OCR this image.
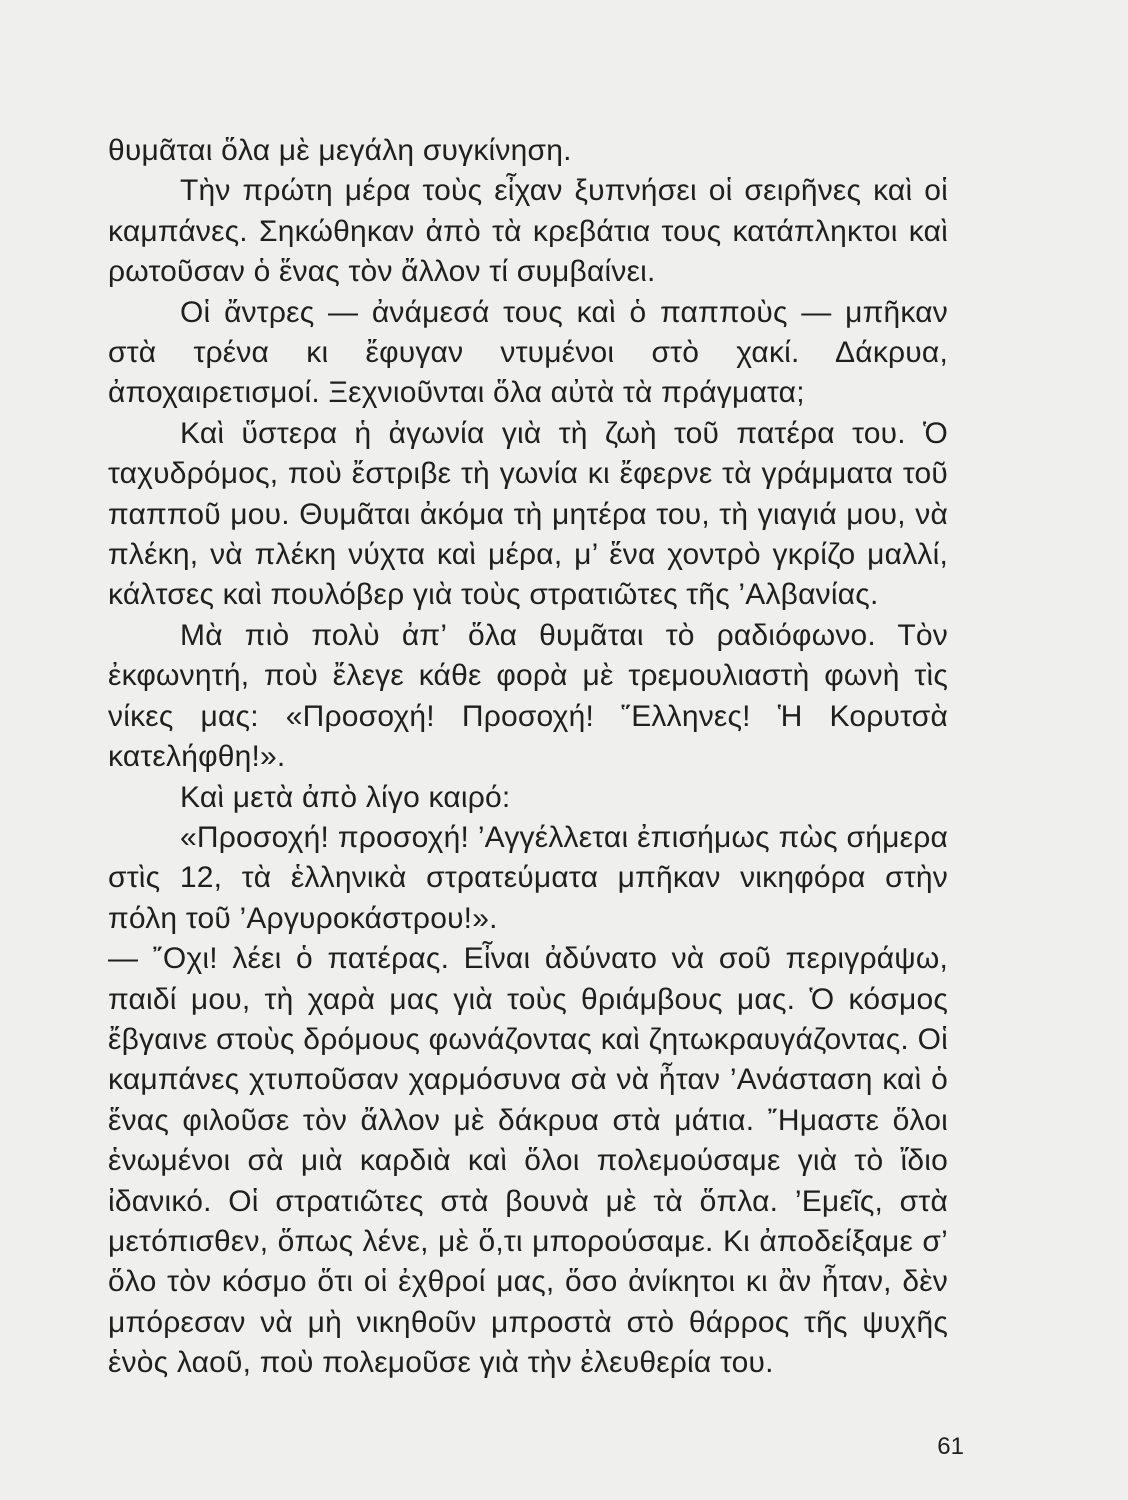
θυμᾶται ὅλα μὲ μεγάλη συγκίνηση.

Τὴν πρώτη μέρα τοὺς εἶχαν ξυπνήσει οἱ σειρῆνες καὶ οἱ καμπάνες. Σηκώθηκαν ἀπὸ τὰ κρεβάτια τους κατάπληκτοι καὶ ρωτοῦσαν ὁ ἕνας τὸν ἄλλον τί συμβαίνει.

Οἱ ἄντρες — ἀνάμεσά τους καὶ ὁ παπποὺς — μπῆκαν στὰ τρένα κι ἔφυγαν ντυμένοι στὸ χακί. Δάκρυα, ἀποχαιρετισμοί. Ξεχνιοῦνται ὅλα αὐτὰ τὰ πράγματα;

Καὶ ὕστερα ἡ ἀγωνία γιὰ τὴ ζωὴ τοῦ πατέρα του. Ὁ ταχυδρόμος, ποὺ ἔστριβε τὴ γωνία κι ἔφερνε τὰ γράμματα τοῦ παπποῦ μου. Θυμᾶται ἀκόμα τὴ μητέρα του, τὴ γιαγιά μου, νὰ πλέκη, νὰ πλέκη νύχτα καὶ μέρα, μ’ ἕνα χοντρὸ γκρίζο μαλλί, κάλτσες καὶ πουλόβερ γιὰ τοὺς στρατιῶτες τῆς ’Αλβανίας.

Μὰ πιὸ πολὺ ἀπ’ ὅλα θυμᾶται τὸ ραδιόφωνο. Τὸν ἐκφωνητή, ποὺ ἔλεγε κάθε φορὰ μὲ τρεμουλιαστὴ φωνὴ τὶς νίκες μας: «Προσοχή! Προσοχή! ῞Ελληνες! Ἡ Κορυτσὰ κατελήφθη!».

Καὶ μετὰ ἀπὸ λίγο καιρό:

«Προσοχή! προσοχή! ’Αγγέλλεται ἐπισήμως πὼς σήμερα στὶς 12, τὰ ἑλληνικὰ στρατεύματα μπῆκαν νικηφόρα στὴν πόλη τοῦ ’Αργυροκάστρου!».

— ῎Οχι! λέει ὁ πατέρας. Εἶναι ἀδύνατο νὰ σοῦ περιγράψω, παιδί μου, τὴ χαρὰ μας γιὰ τοὺς θριάμβους μας. Ὁ κόσμος ἔβγαινε στοὺς δρόμους φωνάζοντας καὶ ζητωκραυγάζοντας. Οἱ καμπάνες χτυποῦσαν χαρμόσυνα σὰ νὰ ἦταν ’Ανάσταση καὶ ὁ ἕνας φιλοῦσε τὸν ἄλλον μὲ δάκρυα στὰ μάτια. ῎Ημαστε ὅλοι ἑνωμένοι σὰ μιὰ καρδιὰ καὶ ὅλοι πολεμούσαμε γιὰ τὸ ἴδιο ἰδανικό. Οἱ στρατιῶτες στὰ βουνὰ μὲ τὰ ὅπλα. ’Εμεῖς, στὰ μετόπισθεν, ὅπως λένε, μὲ ὅ,τι μπορούσαμε. Κι ἀποδείξαμε σ’ ὅλο τὸν κόσμο ὅτι οἱ ἐχθροί μας, ὅσο ἀνίκητοι κι ἂν ἦταν, δὲν μπόρεσαν νὰ μὴ νικηθοῦν μπροστὰ στὸ θάρρος τῆς ψυχῆς ἑνὸς λαοῦ, ποὺ πολεμοῦσε γιὰ τὴν ἐλευθερία του.

61
